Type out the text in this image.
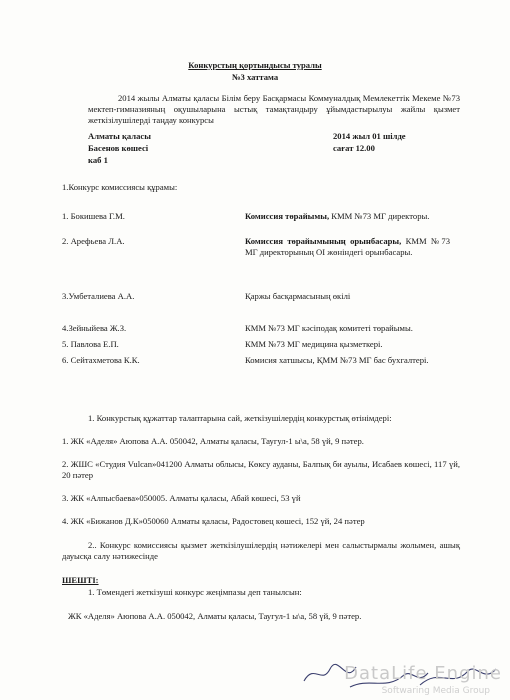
Конкурстың қортындысы туралы
№3 хаттама
2014 жылы Алматы қаласы Білім беру Басқармасы Коммуналдық Мемлекеттік Мекеме №73 мектеп-гимназияның оқушыларына ыстық тамақтандыру ұйымдастырылуы жайлы қызмет жеткізілушілерді таңдау конкурсы
Алматы қаласы
Басенов көшесі
каб 1
2014 жыл 01 шілде
сағат 12.00
1.Конкурс комиссиясы құрамы:
1. Бокишева Г.М.	Комиссия төрайымы, КММ №73 МГ директоры.
2. Арефьева Л.А.	Комиссия төрайымының орынбасары, КММ №73 МГ директорының ОІ жөніндегі орынбасары.
3.Умбеталиева А.А.	Қаржы басқармасының өкілі
4.Зейныйева Ж.З.	КММ №73 МГ кәсіподақ комитеті төрайымы.
5. Павлова Е.П.	КММ №73 МГ медицина қызметкері.
6. Сейтахметова К.К.	Комисия хатшысы, ҚММ №73 МГ бас бухгалтері.
1. Конкурстық құжаттар талаптарына сай, жеткізушілердің конкурстық өтінімдері:
1. ЖК «Аделя» Аюпова А.А. 050042, Алматы қаласы, Таугул-1 ы\а, 58 үй, 9 пәтер.
2. ЖШС «Студия Vulcan»041200 Алматы облысы, Көксу ауданы, Балпық би ауылы, Исабаев көшесі, 117 үй, 20 пәтер
3. ЖК «Алпысбаева»050005. Алматы қаласы, Абай көшесі, 53 үй
4. ЖК «Бижанов Д.К»050060 Алматы қаласы, Радостовец көшесі, 152 үй, 24 пәтер
2.. Конкурс комиссиясы қызмет жеткізілушілердің нәтижелері мен салыстырмалы жолымен, ашық дауысқа салу нәтижесінде
ШЕШТІ:
1. Төмендегі жеткізуші конкурс жеңімпазы деп танылсын:
ЖК «Аделя» Аюпова А.А. 050042, Алматы қаласы, Таугул-1 ы\а, 58 үй, 9 пәтер.
DataLife Engine
Softwaring Media Group
